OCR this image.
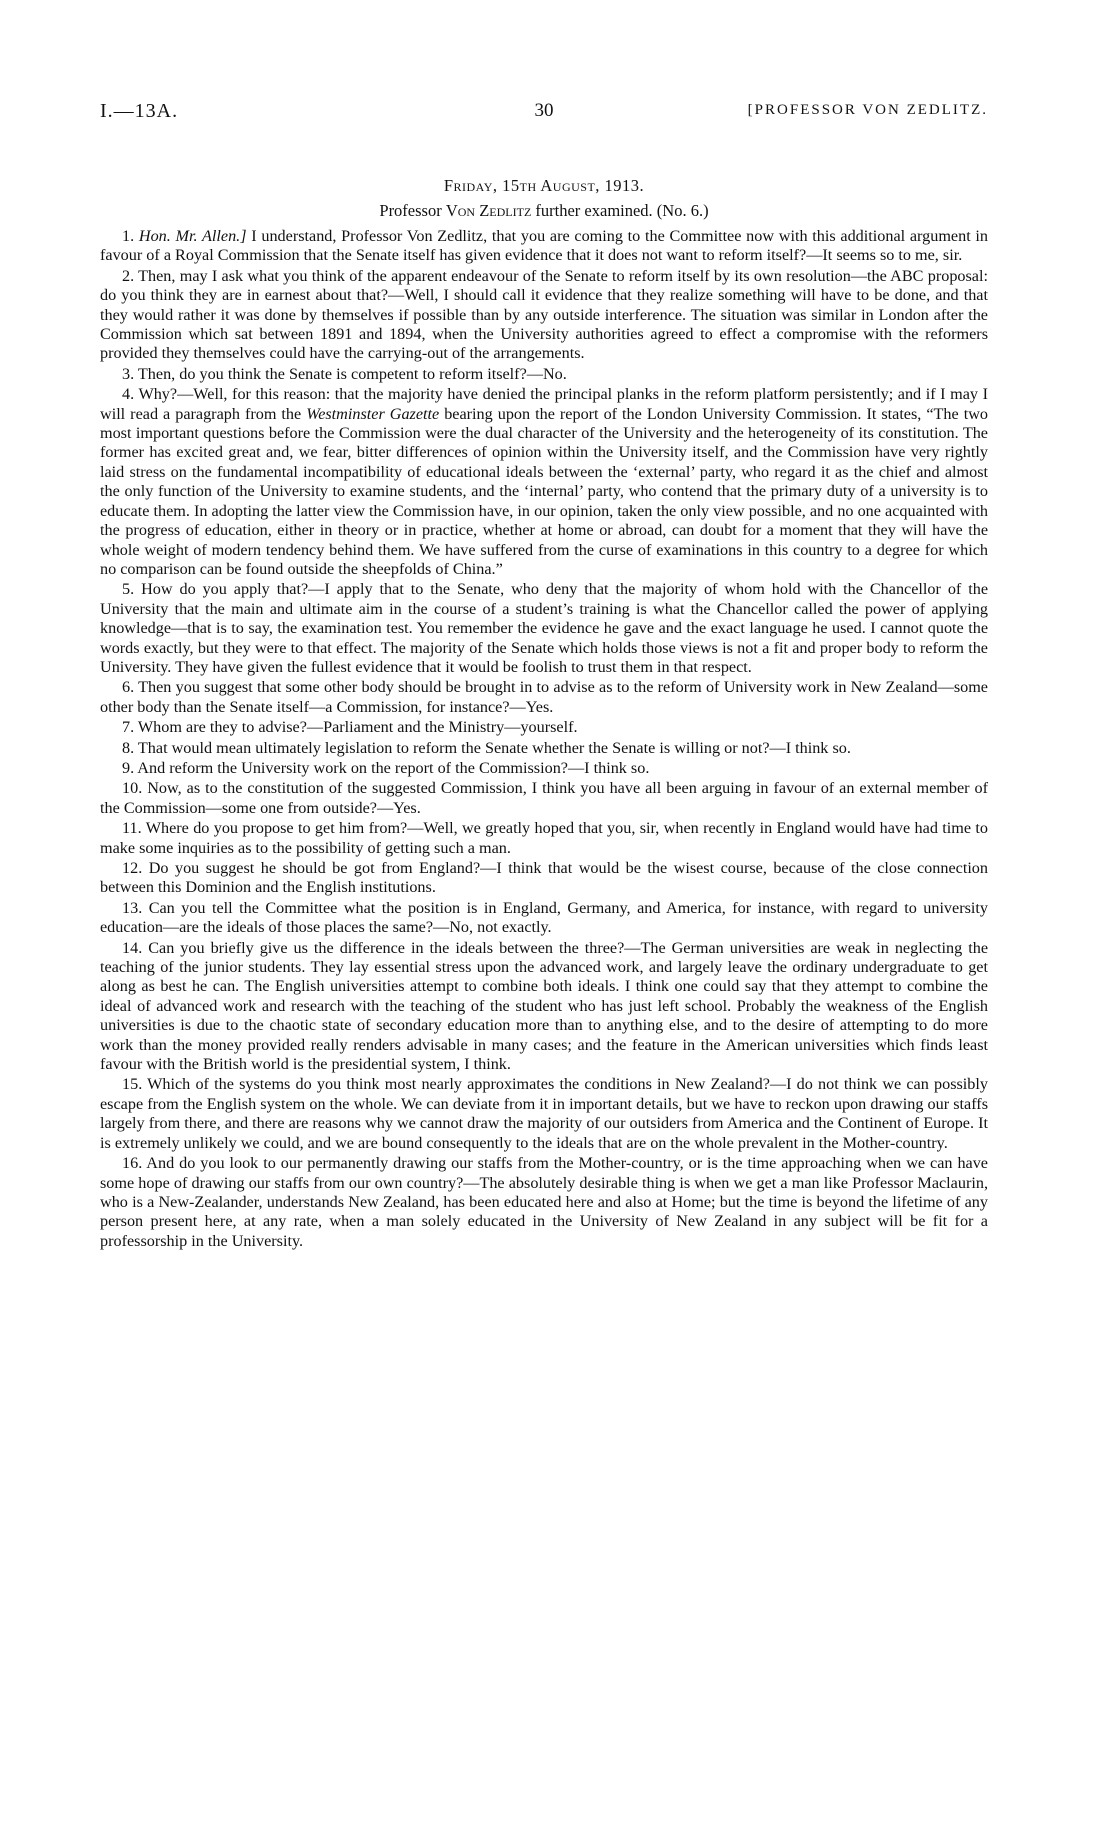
I.—13A.	30	[PROFESSOR VON ZEDLITZ.

Friday, 15th August, 1913.

Professor Von Zedlitz further examined. (No. 6.)

1. Hon. Mr. Allen.] I understand, Professor Von Zedlitz, that you are coming to the Committee now with this additional argument in favour of a Royal Commission that the Senate itself has given evidence that it does not want to reform itself?—It seems so to me, sir.

2. Then, may I ask what you think of the apparent endeavour of the Senate to reform itself by its own resolution—the ABC proposal: do you think they are in earnest about that?—Well, I should call it evidence that they realize something will have to be done, and that they would rather it was done by themselves if possible than by any outside interference. The situation was similar in London after the Commission which sat between 1891 and 1894, when the University authorities agreed to effect a compromise with the reformers provided they themselves could have the carrying-out of the arrangements.

3. Then, do you think the Senate is competent to reform itself?—No.

4. Why?—Well, for this reason: that the majority have denied the principal planks in the reform platform persistently; and if I may I will read a paragraph from the Westminster Gazette bearing upon the report of the London University Commission. It states, “The two most important questions before the Commission were the dual character of the University and the heterogeneity of its constitution. The former has excited great and, we fear, bitter differences of opinion within the University itself, and the Commission have very rightly laid stress on the fundamental incompatibility of educational ideals between the ‘external’ party, who regard it as the chief and almost the only function of the University to examine students, and the ‘internal’ party, who contend that the primary duty of a university is to educate them. In adopting the latter view the Commission have, in our opinion, taken the only view possible, and no one acquainted with the progress of education, either in theory or in practice, whether at home or abroad, can doubt for a moment that they will have the whole weight of modern tendency behind them. We have suffered from the curse of examinations in this country to a degree for which no comparison can be found outside the sheepfolds of China.”

5. How do you apply that?—I apply that to the Senate, who deny that the majority of whom hold with the Chancellor of the University that the main and ultimate aim in the course of a student’s training is what the Chancellor called the power of applying knowledge—that is to say, the examination test. You remember the evidence he gave and the exact language he used. I cannot quote the words exactly, but they were to that effect. The majority of the Senate which holds those views is not a fit and proper body to reform the University. They have given the fullest evidence that it would be foolish to trust them in that respect.

6. Then you suggest that some other body should be brought in to advise as to the reform of University work in New Zealand—some other body than the Senate itself—a Commission, for instance?—Yes.

7. Whom are they to advise?—Parliament and the Ministry—yourself.

8. That would mean ultimately legislation to reform the Senate whether the Senate is willing or not?—I think so.

9. And reform the University work on the report of the Commission?—I think so.

10. Now, as to the constitution of the suggested Commission, I think you have all been arguing in favour of an external member of the Commission—some one from outside?—Yes.

11. Where do you propose to get him from?—Well, we greatly hoped that you, sir, when recently in England would have had time to make some inquiries as to the possibility of getting such a man.

12. Do you suggest he should be got from England?—I think that would be the wisest course, because of the close connection between this Dominion and the English institutions.

13. Can you tell the Committee what the position is in England, Germany, and America, for instance, with regard to university education—are the ideals of those places the same?—No, not exactly.

14. Can you briefly give us the difference in the ideals between the three?—The German universities are weak in neglecting the teaching of the junior students. They lay essential stress upon the advanced work, and largely leave the ordinary undergraduate to get along as best he can. The English universities attempt to combine both ideals. I think one could say that they attempt to combine the ideal of advanced work and research with the teaching of the student who has just left school. Probably the weakness of the English universities is due to the chaotic state of secondary education more than to anything else, and to the desire of attempting to do more work than the money provided really renders advisable in many cases; and the feature in the American universities which finds least favour with the British world is the presidential system, I think.

15. Which of the systems do you think most nearly approximates the conditions in New Zealand?—I do not think we can possibly escape from the English system on the whole. We can deviate from it in important details, but we have to reckon upon drawing our staffs largely from there, and there are reasons why we cannot draw the majority of our outsiders from America and the Continent of Europe. It is extremely unlikely we could, and we are bound consequently to the ideals that are on the whole prevalent in the Mother-country.

16. And do you look to our permanently drawing our staffs from the Mother-country, or is the time approaching when we can have some hope of drawing our staffs from our own country?—The absolutely desirable thing is when we get a man like Professor Maclaurin, who is a New-Zealander, understands New Zealand, has been educated here and also at Home; but the time is beyond the lifetime of any person present here, at any rate, when a man solely educated in the University of New Zealand in any subject will be fit for a professorship in the University.
